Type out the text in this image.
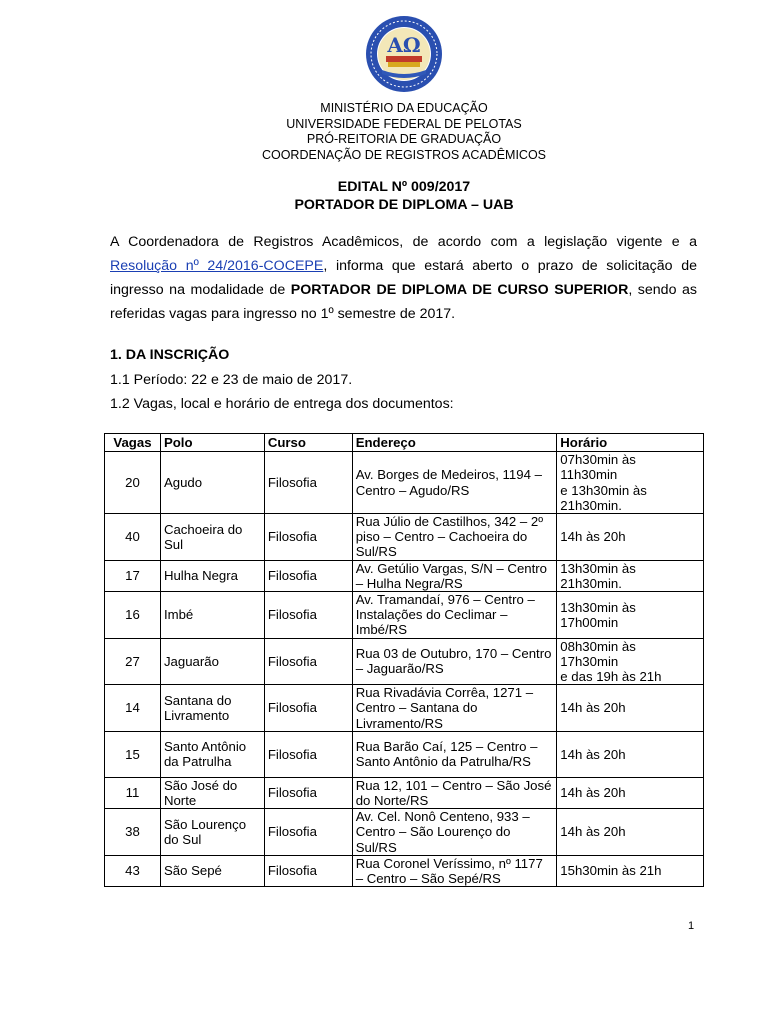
AΩ
MINISTÉRIO DA EDUCAÇÃO
UNIVERSIDADE FEDERAL DE PELOTAS
PRÓ-REITORIA DE GRADUAÇÃO
COORDENAÇÃO DE REGISTROS ACADÊMICOS
EDITAL Nº 009/2017
PORTADOR DE DIPLOMA – UAB
A Coordenadora de Registros Acadêmicos, de acordo com a legislação vigente e a Resolução nº 24/2016-COCEPE, informa que estará aberto o prazo de solicitação de ingresso na modalidade de PORTADOR DE DIPLOMA DE CURSO SUPERIOR, sendo as referidas vagas para ingresso no 1º semestre de 2017.
1. DA INSCRIÇÃO
1.1 Período: 22 e 23 de maio de 2017.
1.2 Vagas, local e horário de entrega dos documentos:
Vagas	Polo	Curso	Endereço	Horário
20	Agudo	Filosofia	Av. Borges de Medeiros, 1194 – Centro – Agudo/RS	07h30min às
11h30min
e 13h30min às
21h30min.

40	Cachoeira do Sul	Filosofia	Rua Júlio de Castilhos, 342 – 2º piso – Centro – Cachoeira do Sul/RS	14h às 20h

17	Hulha Negra	Filosofia	Av. Getúlio Vargas, S/N – Centro – Hulha Negra/RS	13h30min às
21h30min.

16	Imbé	Filosofia	Av. Tramandaí, 976 – Centro – Instalações do Ceclimar – Imbé/RS	13h30min às
17h00min

27	Jaguarão	Filosofia	Rua 03 de Outubro, 170 – Centro – Jaguarão/RS	08h30min às
17h30min
e das 19h às 21h

14	Santana do Livramento	Filosofia	Rua Rivadávia Corrêa, 1271 – Centro – Santana do Livramento/RS	14h às 20h

15	Santo Antônio da Patrulha	Filosofia	Rua Barão Caí, 125 – Centro – Santo Antônio da Patrulha/RS	14h às 20h

11	São José do Norte	Filosofia	Rua 12, 101 – Centro – São José do Norte/RS	14h às 20h

38	São Lourenço do Sul	Filosofia	Av. Cel. Nonô Centeno, 933 – Centro – São Lourenço do Sul/RS	14h às 20h

43	São Sepé	Filosofia	Rua Coronel Veríssimo, nº 1177 – Centro – São Sepé/RS	15h30min às 21h
1
